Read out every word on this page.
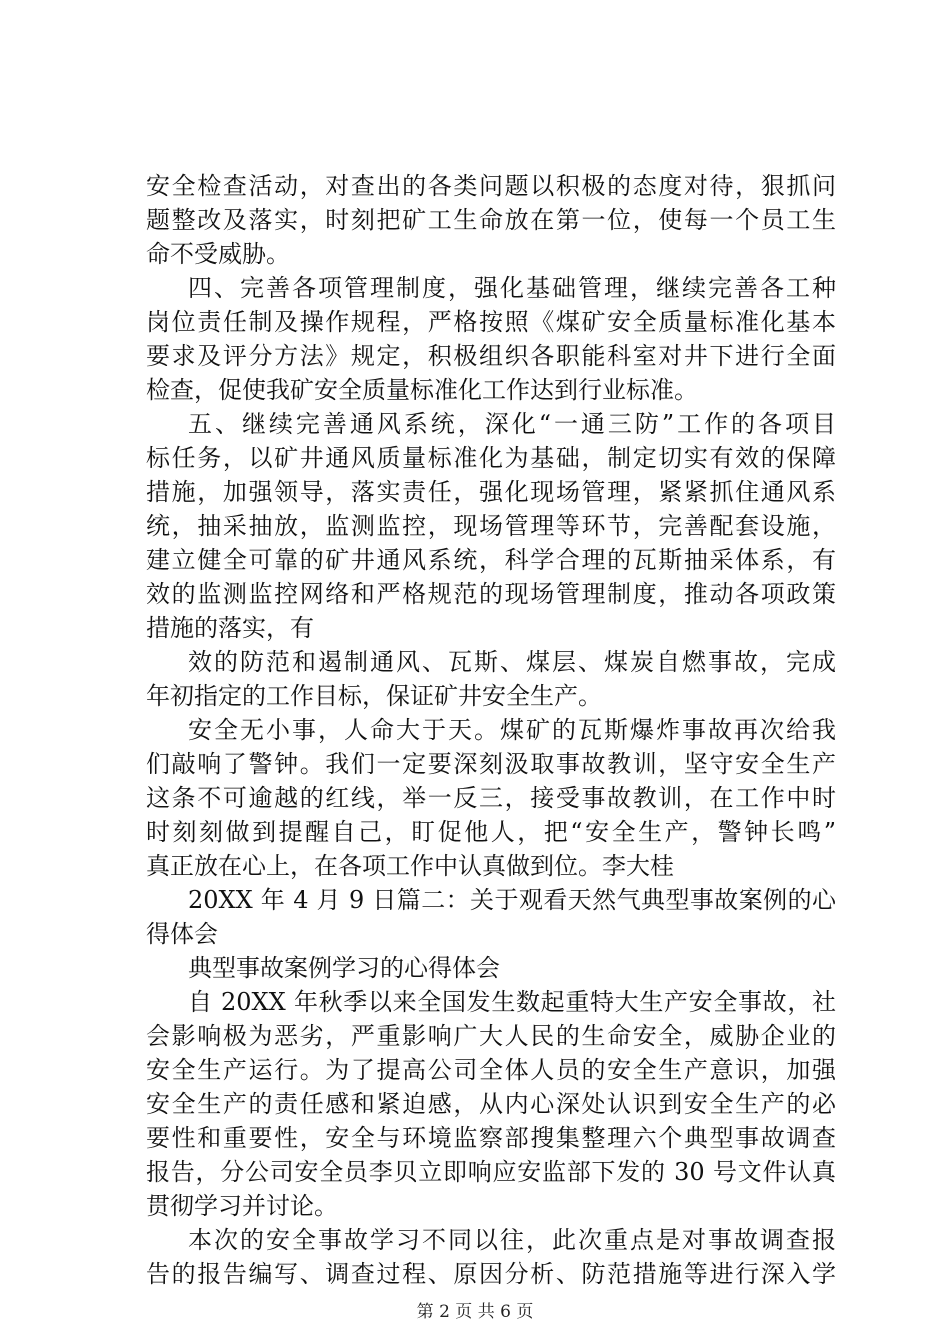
安全检查活动，对查出的各类问题以积极的态度对待，狠抓问
题整改及落实，时刻把矿工生命放在第一位，使每一个员工生
命不受威胁。
四、完善各项管理制度，强化基础管理，继续完善各工种
岗位责任制及操作规程，严格按照《煤矿安全质量标准化基本
要求及评分方法》规定，积极组织各职能科室对井下进行全面
检查，促使我矿安全质量标准化工作达到行业标准。
五、继续完善通风系统，深化“一通三防”工作的各项目
标任务，以矿井通风质量标准化为基础，制定切实有效的保障
措施，加强领导，落实责任，强化现场管理，紧紧抓住通风系
统，抽采抽放，监测监控，现场管理等环节，完善配套设施，
建立健全可靠的矿井通风系统，科学合理的瓦斯抽采体系，有
效的监测监控网络和严格规范的现场管理制度，推动各项政策
措施的落实，有
效的防范和遏制通风、瓦斯、煤层、煤炭自燃事故，完成
年初指定的工作目标，保证矿井安全生产。
安全无小事，人命大于天。煤矿的瓦斯爆炸事故再次给我
们敲响了警钟。我们一定要深刻汲取事故教训，坚守安全生产
这条不可逾越的红线，举一反三，接受事故教训，在工作中时
时刻刻做到提醒自己，盯促他人，把“安全生产，警钟长鸣”
真正放在心上，在各项工作中认真做到位。李大桂
20XX 年 4 月 9 日篇二：关于观看天然气典型事故案例的心
得体会
典型事故案例学习的心得体会
自 20XX 年秋季以来全国发生数起重特大生产安全事故，社
会影响极为恶劣，严重影响广大人民的生命安全，威胁企业的
安全生产运行。为了提高公司全体人员的安全生产意识，加强
安全生产的责任感和紧迫感，从内心深处认识到安全生产的必
要性和重要性，安全与环境监察部搜集整理六个典型事故调查
报告，分公司安全员李贝立即响应安监部下发的 30 号文件认真
贯彻学习并讨论。
本次的安全事故学习不同以往，此次重点是对事故调查报
告的报告编写、调查过程、原因分析、防范措施等进行深入学
第 2 页 共 6 页
